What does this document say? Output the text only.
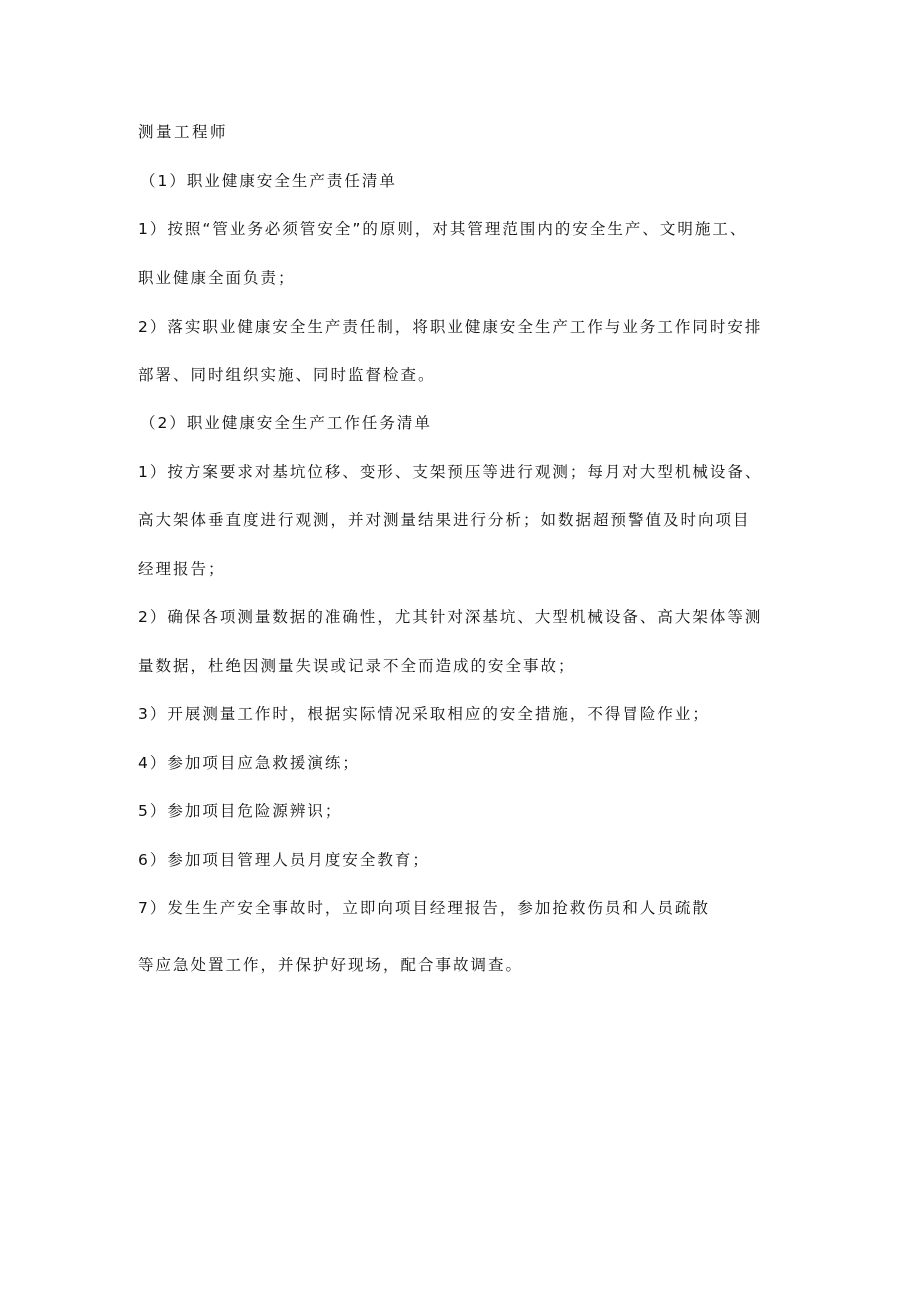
测量工程师
（1）职业健康安全生产责任清单
1）按照“管业务必须管安全”的原则，对其管理范围内的安全生产、文明施工、
职业健康全面负责；
2）落实职业健康安全生产责任制，将职业健康安全生产工作与业务工作同时安排
部署、同时组织实施、同时监督检查。
（2）职业健康安全生产工作任务清单
1）按方案要求对基坑位移、变形、支架预压等进行观测；每月对大型机械设备、
高大架体垂直度进行观测，并对测量结果进行分析；如数据超预警值及时向项目
经理报告；
2）确保各项测量数据的准确性，尤其针对深基坑、大型机械设备、高大架体等测
量数据，杜绝因测量失误或记录不全而造成的安全事故；
3）开展测量工作时，根据实际情况采取相应的安全措施，不得冒险作业；
4）参加项目应急救援演练；
5）参加项目危险源辨识；
6）参加项目管理人员月度安全教育；
7）发生生产安全事故时，立即向项目经理报告，参加抢救伤员和人员疏散
等应急处置工作，并保护好现场，配合事故调查。
